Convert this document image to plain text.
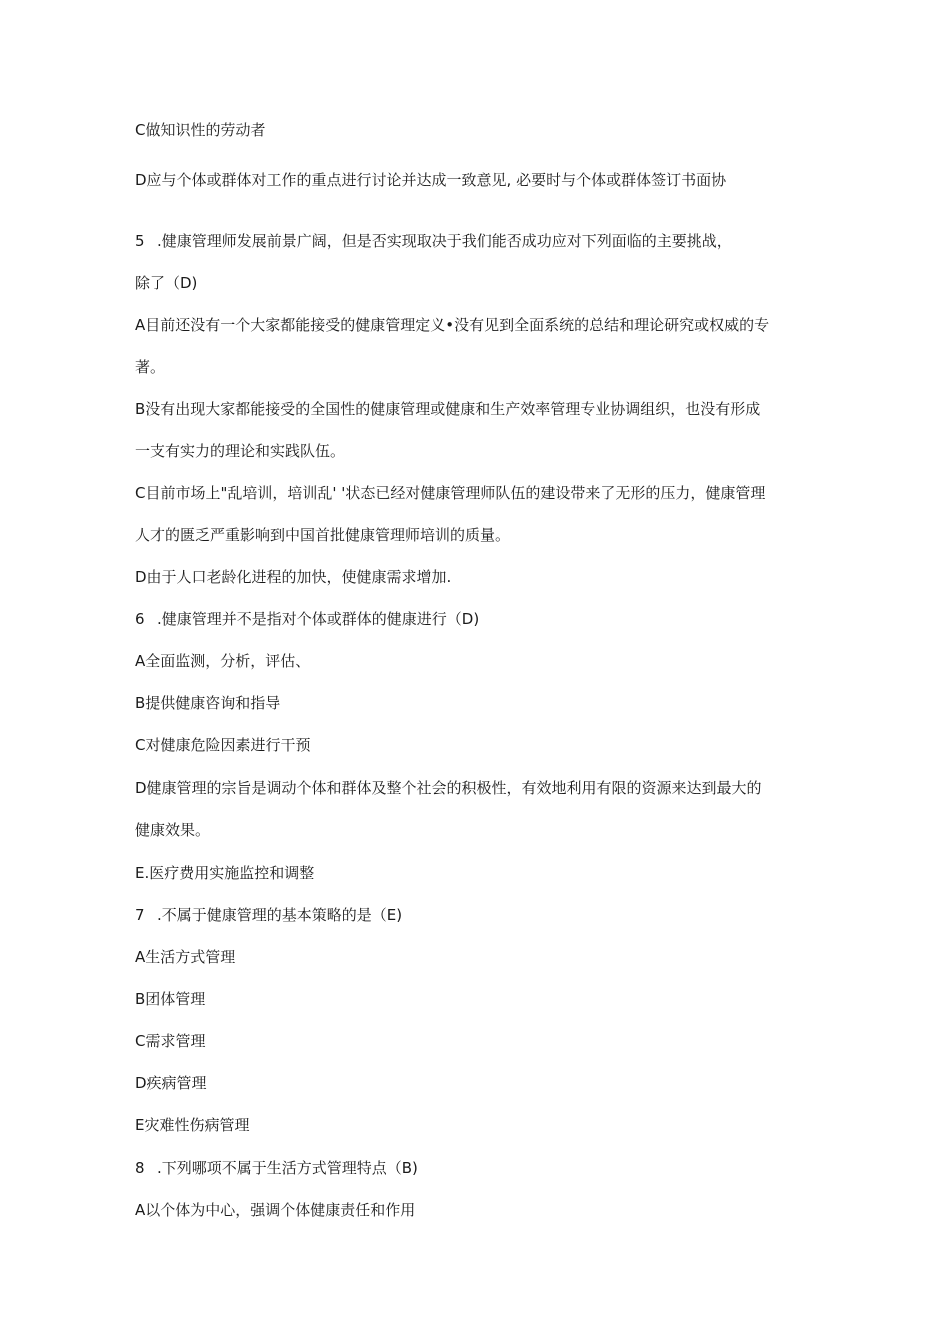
C做知识性的劳动者
D应与个体或群体对工作的重点进行讨论并达成一致意见, 必要时与个体或群体签订书面协
5 .健康管理师发展前景广阔，但是否实现取决于我们能否成功应对下列面临的主要挑战，
除了（D)
A目前还没有一个大家都能接受的健康管理定义•没有见到全面系统的总结和理论研究或权威的专
著。
B没有出现大家都能接受的全国性的健康管理或健康和生产效率管理专业协调组织，也没有形成
一支有实力的理论和实践队伍。
C目前市场上"乱培训，培训乱' '状态已经对健康管理师队伍的建设带来了无形的压力，健康管理
人才的匮乏严重影响到中国首批健康管理师培训的质量。
D由于人口老龄化进程的加快，使健康需求增加.
6 .健康管理并不是指对个体或群体的健康进行（D)
A全面监测，分析，评估、
B提供健康咨询和指导
C对健康危险因素进行干预
D健康管理的宗旨是调动个体和群体及整个社会的积极性，有效地利用有限的资源来达到最大的
健康效果。
E.医疗费用实施监控和调整
7 .不属于健康管理的基本策略的是（E)
A生活方式管理
B团体管理
C需求管理
D疾病管理
E灾难性伤病管理
8 .下列哪项不属于生活方式管理特点（B)
A以个体为中心，强调个体健康责任和作用
